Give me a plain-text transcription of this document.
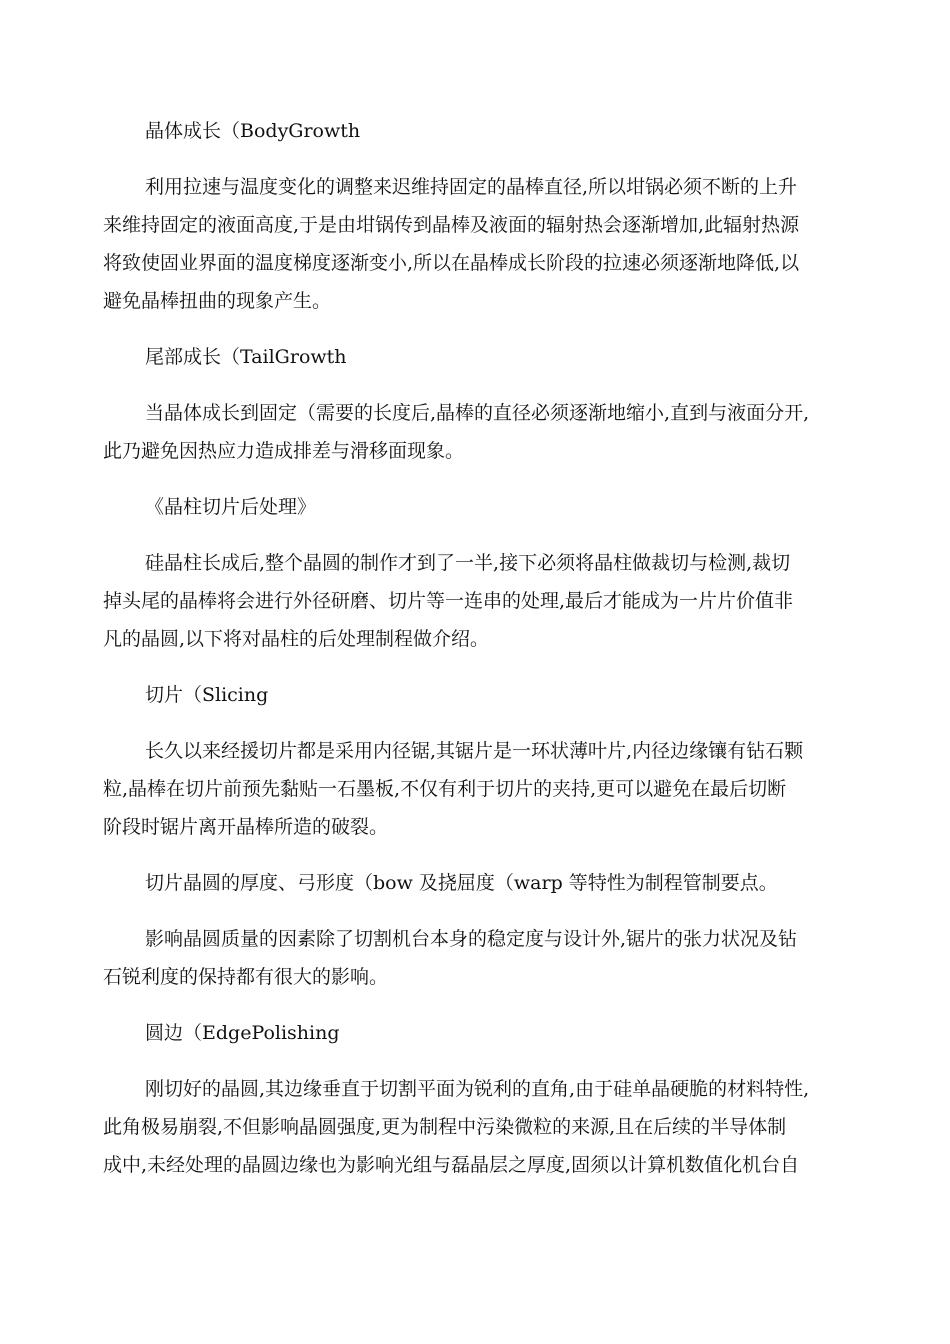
晶体成长（BodyGrowth
利用拉速与温度变化的调整来迟维持固定的晶棒直径,所以坩锅必须不断的上升
来维持固定的液面高度,于是由坩锅传到晶棒及液面的辐射热会逐渐增加,此辐射热源
将致使固业界面的温度梯度逐渐变小,所以在晶棒成长阶段的拉速必须逐渐地降低,以
避免晶棒扭曲的现象产生。
尾部成长（TailGrowth
当晶体成长到固定（需要的长度后,晶棒的直径必须逐渐地缩小,直到与液面分开,
此乃避免因热应力造成排差与滑移面现象。
《晶柱切片后处理》
硅晶柱长成后,整个晶圆的制作才到了一半,接下必须将晶柱做裁切与检测,裁切
掉头尾的晶棒将会进行外径研磨、切片等一连串的处理,最后才能成为一片片价值非
凡的晶圆,以下将对晶柱的后处理制程做介绍。
切片（Slicing
长久以来经援切片都是采用内径锯,其锯片是一环状薄叶片,内径边缘镶有钻石颗
粒,晶棒在切片前预先黏贴一石墨板,不仅有利于切片的夹持,更可以避免在最后切断
阶段时锯片离开晶棒所造的破裂。
切片晶圆的厚度、弓形度（bow 及挠屈度（warp 等特性为制程管制要点。
影响晶圆质量的因素除了切割机台本身的稳定度与设计外,锯片的张力状况及钻
石锐利度的保持都有很大的影响。
圆边（EdgePolishing
刚切好的晶圆,其边缘垂直于切割平面为锐利的直角,由于硅单晶硬脆的材料特性,
此角极易崩裂,不但影响晶圆强度,更为制程中污染微粒的来源,且在后续的半导体制
成中,未经处理的晶圆边缘也为影响光组与磊晶层之厚度,固须以计算机数值化机台自
